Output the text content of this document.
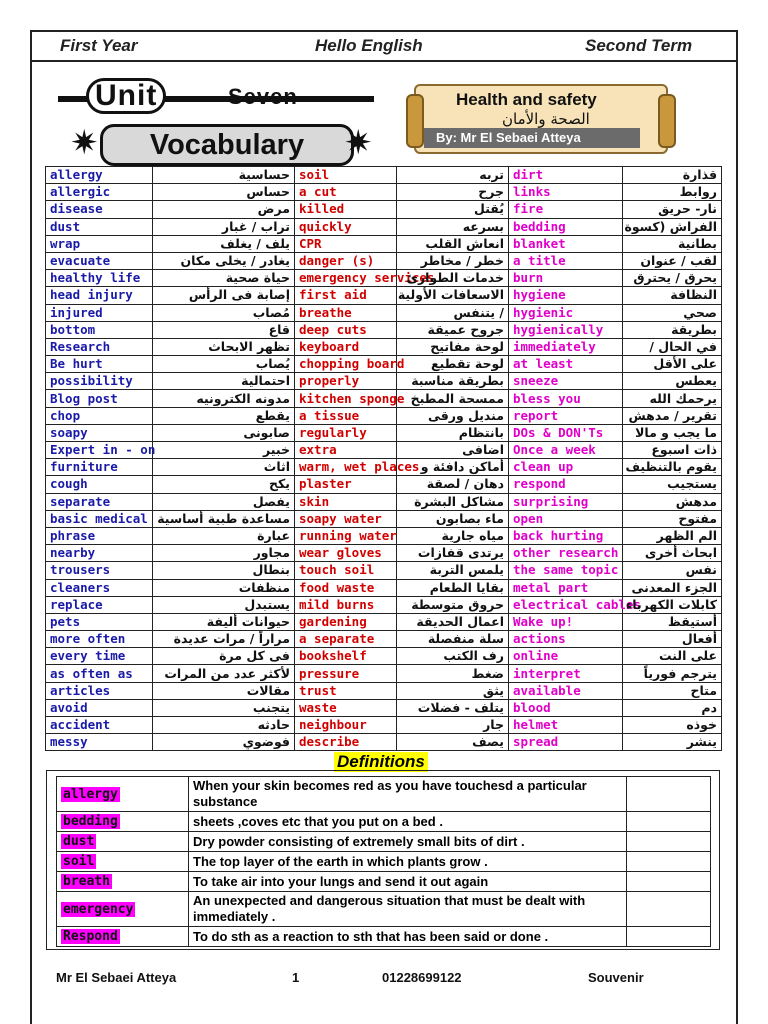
First Year	Hello English	Second Term
Unit	Seven
✷	Vocabulary	✷
Health and safety
الصحة والأمان
By: Mr El Sebaei Atteya
allergy	حساسية	soil	تربه	dirt	قذارة
allergic	حساس	a cut	جرح	links	روابط
disease	مرض	killed	يُقتل	fire	نار- حريق
dust	تراب / غبار	quickly	بسرعه	bedding	الفراش (كسوة
wrap	يلف / يغلف	CPR	انعاش القلب	blanket	بطانية
evacuate	يغادر / يخلى مكان	danger (s)	خطر / مخاطر	a title	لقب / عنوان
healthy life	حياة صحية	emergency services	خدمات الطوارئ	burn	يحرق / يحترق
head injury	إصابة فى الرأس	first aid	الاسعافات الأولية	hygiene	النظافة
injured	مُصاب	breathe	/ يتنفس	hygienic	صحي
bottom	قاع	deep cuts	جروح عميقة	hygienically	بطريقة
Research	تظهر الابحاث	keyboard	لوحة مفاتيح	immediately	في الحال /
Be hurt	يُصاب	chopping board	لوحة تقطيع	at least	على الأقل
possibility	احتمالية	properly	بطريقة مناسبة	sneeze	يعطس
Blog post	مدونه الكترونيه	kitchen sponge	ممسحة المطبخ	bless you	يرحمك الله
chop	يقطع	a tissue	منديل ورقى	report	تقرير / مدهش
soapy	صابونى	regularly	بانتظام	DOs & DON'Ts	ما يجب و مالا
Expert in - on	خبير	extra	اضافى	Once a week	ذات اسبوع
furniture	اثاث	warm, wet places	أماكن دافئة و	clean up	يقوم بالتنظيف
cough	يكح	plaster	دهان / لصقة	respond	يستجيب
separate	يفصل	skin	مشاكل البشرة	surprising	مدهش
basic medical	مساعدة طبية أساسية	soapy water	ماء بصابون	open	مفتوح
phrase	عبارة	running water	مياه جارية	back hurting	الم الظهر
nearby	مجاور	wear gloves	يرتدى قفازات	other research	ابحاث أخرى
trousers	بنطال	touch soil	يلمس التربة	the same topic	نفس
cleaners	منظفات	food waste	بقايا الطعام	metal part	الجزء المعدنى
replace	يستبدل	mild burns	حروق متوسطة	electrical cables	كابلات الكهرباء
pets	حيوانات أليفة	gardening	اعمال الحديقة	Wake up!	أستيقظ
more often	مراراً / مرات عديدة	a separate	سلة منفصلة	actions	أفعال
every time	فى كل مرة	bookshelf	رف الكتب	online	على النت
as often as	لأكثر عدد من المرات	pressure	ضغط	interpret	يترجم فورياً
articles	مقالات	trust	يثق	available	متاح
avoid	يتجنب	waste	يتلف - فضلات	blood	دم
accident	حادثه	neighbour	جار	helmet	خوذه
messy	فوضوي	describe	يصف	spread	ينشر
Definitions
allergy	When your skin becomes red as you have touchesd a particular substance	
bedding	sheets ,coves etc that you put on a bed .	
dust	Dry powder consisting of extremely small bits of dirt .	
soil	The top layer of the earth in which plants grow .	
breath	To take air into your lungs and send it out again	
emergency	An unexpected and dangerous situation that must be dealt with immediately .	
Respond	To do sth as a reaction to sth that has been said or done .	
Mr El Sebaei Atteya	1	01228699122	Souvenir
